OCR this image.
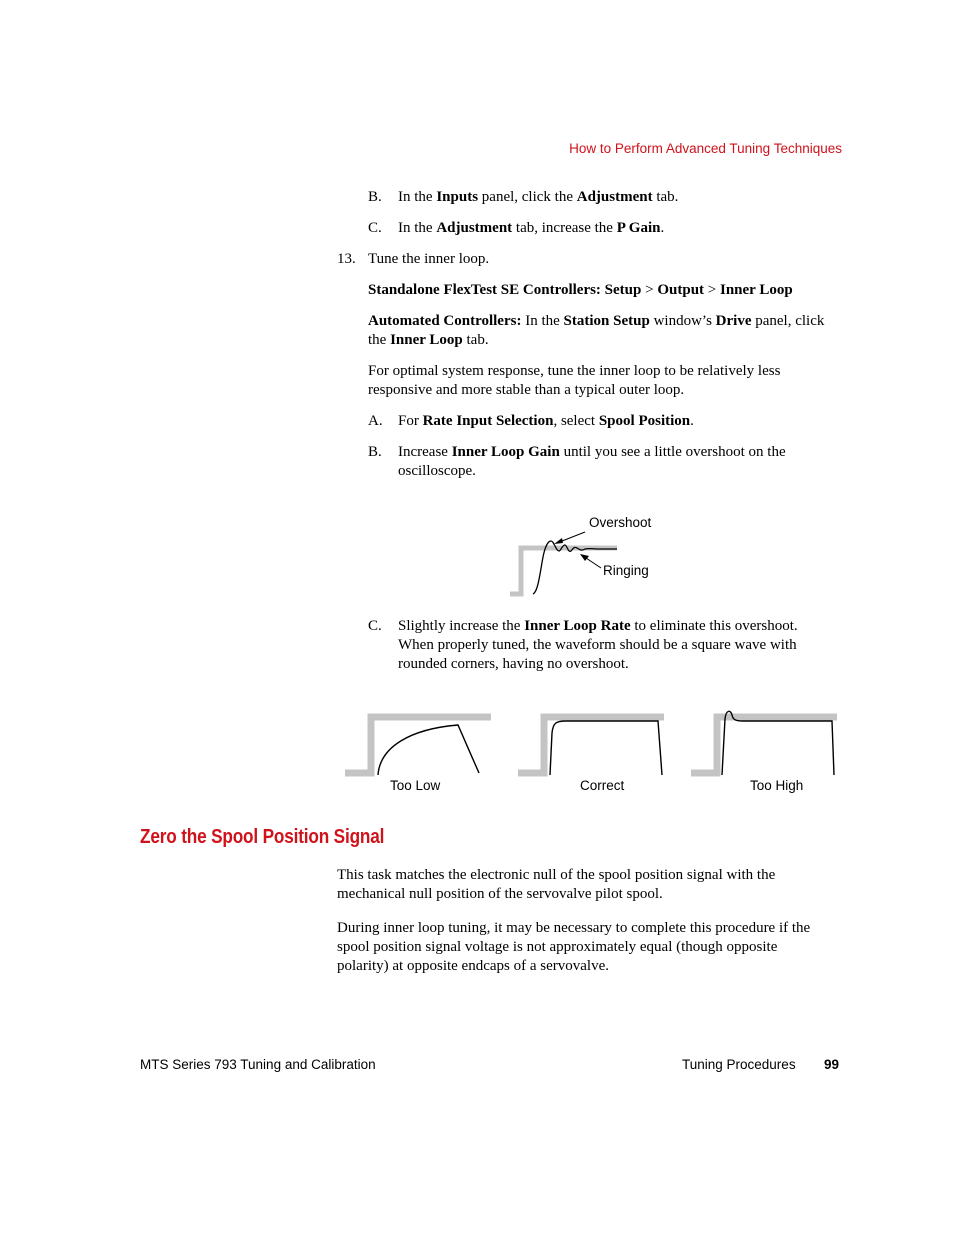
How to Perform Advanced Tuning Techniques
B. In the Inputs panel, click the Adjustment tab.
C. In the Adjustment tab, increase the P Gain.
13. Tune the inner loop.
Standalone FlexTest SE Controllers: Setup > Output > Inner Loop
Automated Controllers: In the Station Setup window’s Drive panel, click
the Inner Loop tab.
For optimal system response, tune the inner loop to be relatively less
responsive and more stable than a typical outer loop.
A. For Rate Input Selection, select Spool Position.
B. Increase Inner Loop Gain until you see a little overshoot on the
oscilloscope.
Overshoot
Ringing
C. Slightly increase the Inner Loop Rate to eliminate this overshoot.
When properly tuned, the waveform should be a square wave with
rounded corners, having no overshoot.
Too Low	Correct	Too High
Zero the Spool Position Signal
This task matches the electronic null of the spool position signal with the
mechanical null position of the servovalve pilot spool.
During inner loop tuning, it may be necessary to complete this procedure if the
spool position signal voltage is not approximately equal (though opposite
polarity) at opposite endcaps of a servovalve.
MTS Series 793 Tuning and Calibration	Tuning Procedures 99
